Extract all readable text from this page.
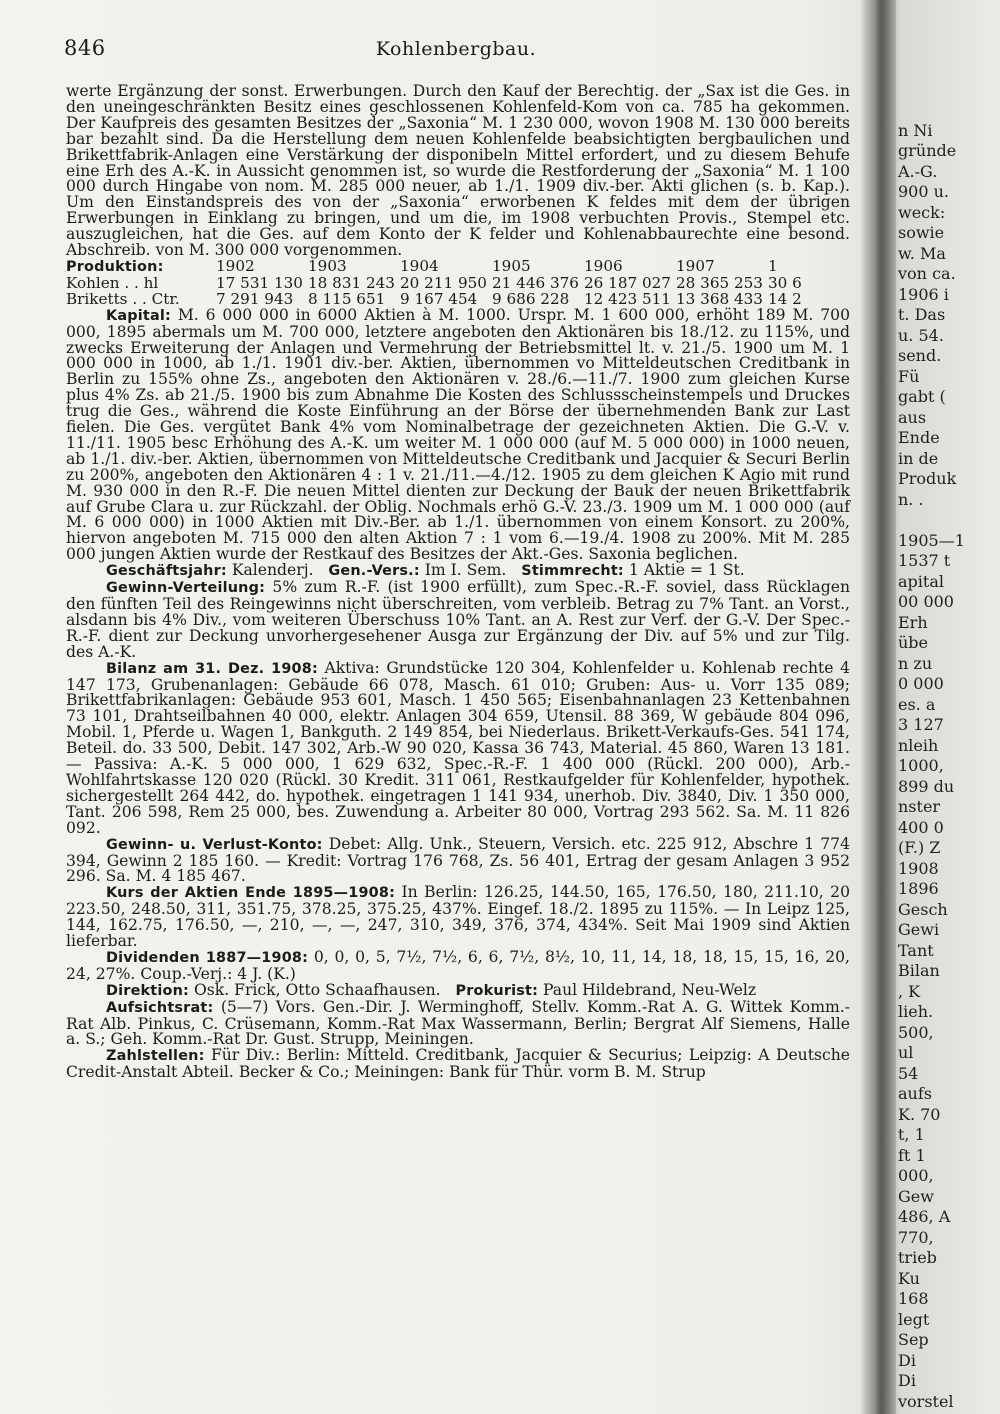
846	Kohlenbergbau.

werte Ergänzung der sonst. Erwerbungen. Durch den Kauf der Berechtig. der „Sax ist die Ges. in den uneingeschränkten Besitz eines geschlossenen Kohlenfeld-Kom von ca. 785 ha gekommen. Der Kaufpreis des gesamten Besitzes der „Saxonia“ M. 1 230 000, wovon 1908 M. 130 000 bereits bar bezahlt sind. Da die Herstellung dem neuen Kohlenfelde beabsichtigten bergbaulichen und Brikettfabrik-Anlagen eine Verstärkung der disponibeln Mittel erfordert, und zu diesem Behufe eine Erh des A.-K. in Aussicht genommen ist, so wurde die Restforderung der „Saxonia“ M. 1 100 000 durch Hingabe von nom. M. 285 000 neuer, ab 1./1. 1909 div.-ber. Akti glichen (s. b. Kap.). Um den Einstandspreis des von der „Saxonia“ erworbenen K feldes mit dem der übrigen Erwerbungen in Einklang zu bringen, und um die, im 1908 verbuchten Provis., Stempel etc. auszugleichen, hat die Ges. auf dem Konto der K felder und Kohlenabbaurechte eine besond. Abschreib. von M. 300 000 vorgenommen.

Produktion:	1902	1903	1904	1905	1906	1907	1
Kohlen . . hl	17 531 130	18 831 243	20 211 950	21 446 376	26 187 027	28 365 253	30 6
Briketts . . Ctr.	7 291 943	8 115 651	9 167 454	9 686 228	12 423 511	13 368 433	14 2

Kapital: M. 6 000 000 in 6000 Aktien à M. 1000. Urspr. M. 1 600 000, erhöht 189 M. 700 000, 1895 abermals um M. 700 000, letztere angeboten den Aktionären bis 18./12. zu 115%, und zwecks Erweiterung der Anlagen und Vermehrung der Betriebsmittel lt. v. 21./5. 1900 um M. 1 000 000 in 1000, ab 1./1. 1901 div.-ber. Aktien, übernommen vo Mitteldeutschen Creditbank in Berlin zu 155% ohne Zs., angeboten den Aktionären v. 28./6.—11./7. 1900 zum gleichen Kurse plus 4% Zs. ab 21./5. 1900 bis zum Abnahme Die Kosten des Schlussscheinstempels und Druckes trug die Ges., während die Koste Einführung an der Börse der übernehmenden Bank zur Last fielen. Die Ges. vergütet Bank 4% vom Nominalbetrage der gezeichneten Aktien. Die G.-V. v. 11./11. 1905 besc Erhöhung des A.-K. um weiter M. 1 000 000 (auf M. 5 000 000) in 1000 neuen, ab 1./1. div.-ber. Aktien, übernommen von Mitteldeutsche Creditbank und Jacquier & Securi Berlin zu 200%, angeboten den Aktionären 4 : 1 v. 21./11.—4./12. 1905 zu dem gleichen K Agio mit rund M. 930 000 in den R.-F. Die neuen Mittel dienten zur Deckung der Bauk der neuen Brikettfabrik auf Grube Clara u. zur Rückzahl. der Oblig. Nochmals erhö G.-V. 23./3. 1909 um M. 1 000 000 (auf M. 6 000 000) in 1000 Aktien mit Div.-Ber. ab 1./1. übernommen von einem Konsort. zu 200%, hiervon angeboten M. 715 000 den alten Aktion 7 : 1 vom 6.—19./4. 1908 zu 200%. Mit M. 285 000 jungen Aktien wurde der Restkauf des Besitzes der Akt.-Ges. Saxonia beglichen.

Geschäftsjahr: Kalenderj. Gen.-Vers.: Im I. Sem. Stimmrecht: 1 Aktie = 1 St.

Gewinn-Verteilung: 5% zum R.-F. (ist 1900 erfüllt), zum Spec.-R.-F. soviel, dass Rücklagen den fünften Teil des Reingewinns nicht überschreiten, vom verbleib. Betrag zu 7% Tant. an Vorst., alsdann bis 4% Div., vom weiteren Überschuss 10% Tant. an A. Rest zur Verf. der G.-V. Der Spec.-R.-F. dient zur Deckung unvorhergesehener Ausga zur Ergänzung der Div. auf 5% und zur Tilg. des A.-K.

Bilanz am 31. Dez. 1908: Aktiva: Grundstücke 120 304, Kohlenfelder u. Kohlenab rechte 4 147 173, Grubenanlagen: Gebäude 66 078, Masch. 61 010; Gruben: Aus- u. Vorr 135 089; Brikettfabrikanlagen: Gebäude 953 601, Masch. 1 450 565; Eisenbahnanlagen 23 Kettenbahnen 73 101, Drahtseilbahnen 40 000, elektr. Anlagen 304 659, Utensil. 88 369, W gebäude 804 096, Mobil. 1, Pferde u. Wagen 1, Bankguth. 2 149 854, bei Niederlaus. Brikett-Verkaufs-Ges. 541 174, Beteil. do. 33 500, Debit. 147 302, Arb.-W 90 020, Kassa 36 743, Material. 45 860, Waren 13 181. — Passiva: A.-K. 5 000 000, 1 629 632, Spec.-R.-F. 1 400 000 (Rückl. 200 000), Arb.-Wohlfahrtskasse 120 020 (Rückl. 30 Kredit. 311 061, Restkaufgelder für Kohlenfelder, hypothek. sichergestellt 264 442, do. hypothek. eingetragen 1 141 934, unerhob. Div. 3840, Div. 1 350 000, Tant. 206 598, Rem 25 000, bes. Zuwendung a. Arbeiter 80 000, Vortrag 293 562. Sa. M. 11 826 092.

Gewinn- u. Verlust-Konto: Debet: Allg. Unk., Steuern, Versich. etc. 225 912, Abschre 1 774 394, Gewinn 2 185 160. — Kredit: Vortrag 176 768, Zs. 56 401, Ertrag der gesam Anlagen 3 952 296. Sa. M. 4 185 467.

Kurs der Aktien Ende 1895—1908: In Berlin: 126.25, 144.50, 165, 176.50, 180, 211.10, 20 223.50, 248.50, 311, 351.75, 378.25, 375.25, 437%. Eingef. 18./2. 1895 zu 115%. — In Leipz 125, 144, 162.75, 176.50, —, 210, —, —, 247, 310, 349, 376, 374, 434%. Seit Mai 1909 sind Aktien lieferbar.

Dividenden 1887—1908: 0, 0, 0, 5, 7½, 7½, 6, 6, 7½, 8½, 10, 11, 14, 18, 18, 15, 15, 16, 20, 24, 27%. Coup.-Verj.: 4 J. (K.)

Direktion: Osk. Frick, Otto Schaafhausen. Prokurist: Paul Hildebrand, Neu-Welz

Aufsichtsrat: (5—7) Vors. Gen.-Dir. J. Werminghoff, Stellv. Komm.-Rat A. G. Wittek Komm.-Rat Alb. Pinkus, C. Crüsemann, Komm.-Rat Max Wassermann, Berlin; Bergrat Alf Siemens, Halle a. S.; Geh. Komm.-Rat Dr. Gust. Strupp, Meiningen.

Zahlstellen: Für Div.: Berlin: Mitteld. Creditbank, Jacquier & Securius; Leipzig: A Deutsche Credit-Anstalt Abteil. Becker & Co.; Meiningen: Bank für Thür. vorm B. M. Strup

n Ni
gründe
A.-G.
900 u.
weck:
sowie
w. Ma
von ca.
1906 i
t. Das
u. 54.
send.
Fü
gabt (
aus
Ende
in de
Produk
n. .
1905—1
1537 t
apital
00 000
Erh
übe
n zu
0 000
es. a
3 127
nleih
1000,
899 du
nster
400 0
(F.) Z
1908
1896
Gesch
Gewi
Tant
Bilan
, K
lieh.
500,
ul
54
aufs
K. 70
t, 1
ft 1
000,
Gew
486, A
770,
trieb
Ku
168
legt
Sep
Di
Di
vorstel
